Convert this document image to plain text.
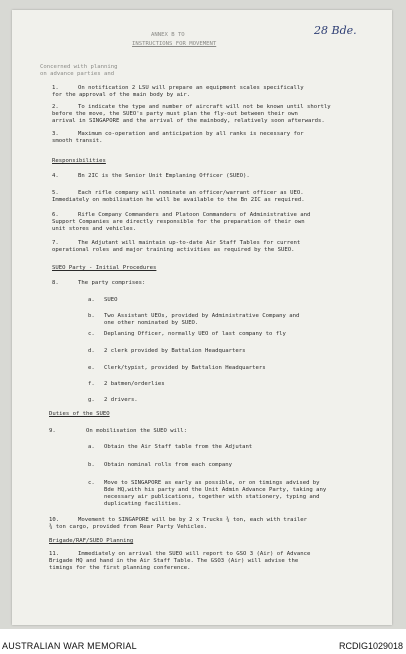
28 Bde.
ANNEX B TO
INSTRUCTIONS FOR MOVEMENT
Concerned with planning
on advance parties and
1.	On notification 2 LSU will prepare an equipment scales specifically
for the approval of the main body by air.
2.	To indicate the type and number of aircraft will not be known until shortly
before the move, the SUEO's party must plan the fly-out between their own
arrival in SINGAPORE and the arrival of the mainbody, relatively soon afterwards.
3.	Maximum co-operation and anticipation by all ranks is necessary for
smooth transit.
Responsibilities
4.	Bn 2IC is the Senior Unit Emplaning Officer (SUEO).
5.	Each rifle company will nominate an officer/warrant officer as UEO.
Immediately on mobilisation he will be available to the Bn 2IC as required.
6.	Rifle Company Commanders and Platoon Commanders of Administrative and
Support Companies are directly responsible for the preparation of their own
unit stores and vehicles.
7.	The Adjutant will maintain up-to-date Air Staff Tables for current
operational roles and major training activities as required by the SUEO.
SUEO Party - Initial Procedures
8.	The party comprises:
a. SUEO
b. Two Assistant UEOs, provided by Administrative Company and
one other nominated by SUEO.
c. Deplaning Officer, normally UEO of last company to fly
d. 2 clerk provided by Battalion Headquarters
e. Clerk/typist, provided by Battalion Headquarters
f. 2 batmen/orderlies
g. 2 drivers.
Duties of the SUEO
9.	On mobilisation the SUEO will:
a. Obtain the Air Staff table from the Adjutant
b. Obtain nominal rolls from each company
c. Move to SINGAPORE as early as possible, or on timings advised by
Bde HQ,with his party and the Unit Admin Advance Party, taking any
necessary air publications, together with stationery, typing and
duplicating facilities.
10.	Movement to SINGAPORE will be by 2 x Trucks ¾ ton, each with trailer
¾ ton cargo, provided from Rear Party Vehicles.
Brigade/RAF/SUEO Planning
11.	Immediately on arrival the SUEO will report to GSO 3 (Air) of Advance
Brigade HQ and hand in the Air Staff Table. The GSO3 (Air) will advise the
timings for the first planning conference.
AUSTRALIAN WAR MEMORIAL	RCDIG1029018
